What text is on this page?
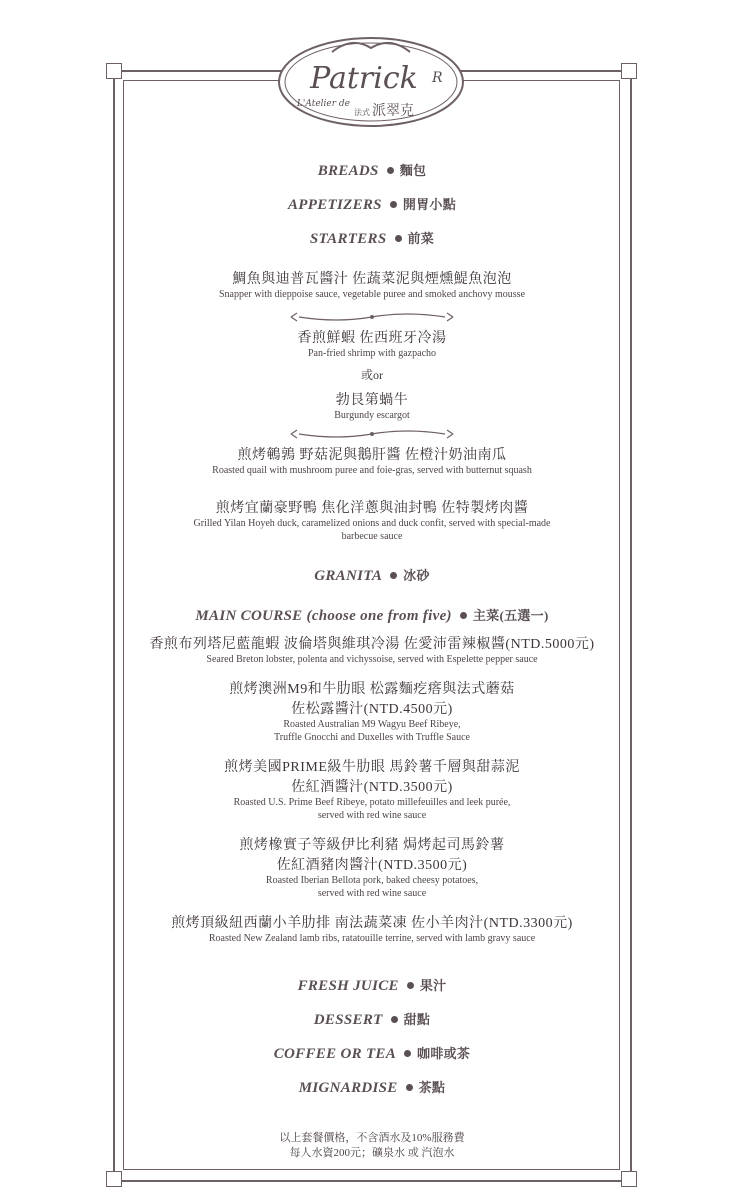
Patrick R
L'Atelier de
法式 派翠克
BREADS 麵包
APPETIZERS 開胃小點
STARTERS 前菜
鯛魚與迪普瓦醬汁 佐蔬菜泥與煙燻鯷魚泡泡
Snapper with dieppoise sauce, vegetable puree and smoked anchovy mousse
香煎鮮蝦 佐西班牙冷湯
Pan-fried shrimp with gazpacho
或or
勃艮第蝸牛
Burgundy escargot
煎烤鵪鶉 野菇泥與鵝肝醬 佐橙汁奶油南瓜
Roasted quail with mushroom puree and foie-gras, served with butternut squash
煎烤宜蘭豪野鴨 焦化洋蔥與油封鴨 佐特製烤肉醬
Grilled Yilan Hoyeh duck, caramelized onions and duck confit, served with special-made
barbecue sauce
GRANITA 冰砂
MAIN COURSE (choose one from five) 主菜(五選一)
香煎布列塔尼藍龍蝦 波倫塔與維琪冷湯 佐愛沛雷辣椒醬(NTD.5000元)
Seared Breton lobster, polenta and vichyssoise, served with Espelette pepper sauce
煎烤澳洲M9和牛肋眼 松露麵疙瘩與法式蘑菇
佐松露醬汁(NTD.4500元)
Roasted Australian M9 Wagyu Beef Ribeye,
Truffle Gnocchi and Duxelles with Truffle Sauce
煎烤美國PRIME級牛肋眼 馬鈴薯千層與甜蒜泥
佐紅酒醬汁(NTD.3500元)
Roasted U.S. Prime Beef Ribeye, potato millefeuilles and leek purée,
served with red wine sauce
煎烤橡實子等級伊比利豬 焗烤起司馬鈴薯
佐紅酒豬肉醬汁(NTD.3500元)
Roasted Iberian Bellota pork, baked cheesy potatoes,
served with red wine sauce
煎烤頂級紐西蘭小羊肋排 南法蔬菜凍 佐小羊肉汁(NTD.3300元)
Roasted New Zealand lamb ribs, ratatouille terrine, served with lamb gravy sauce
FRESH JUICE 果汁
DESSERT 甜點
COFFEE OR TEA 咖啡或茶
MIGNARDISE 茶點
以上套餐價格，不含酒水及10%服務費
每人水資200元；礦泉水 或 汽泡水
